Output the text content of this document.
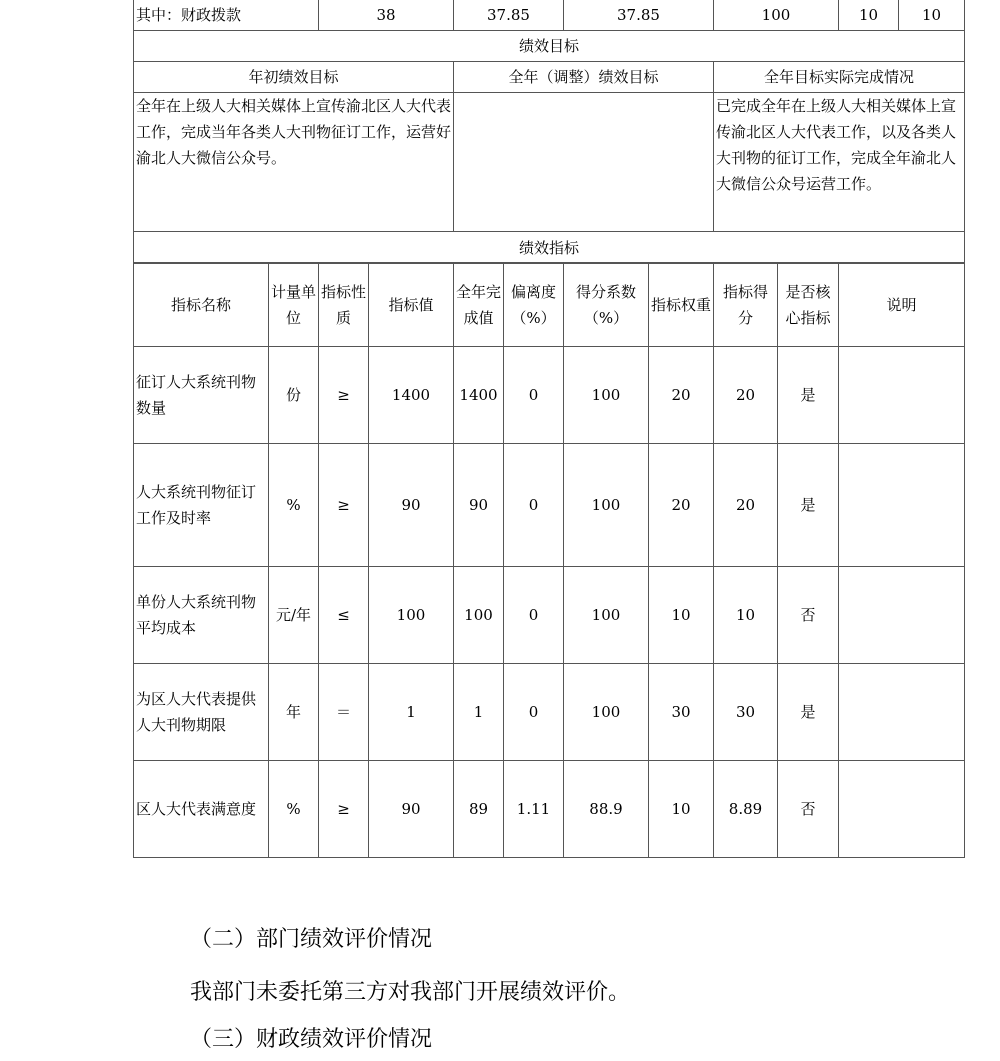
其中：财政拨款	38	37.85	37.85	100	10	10
绩效目标						
年初绩效目标		全年（调整）绩效目标		全年目标实际完成情况		
全年在上级人大相关媒体上宣传渝北区人大代表工作，完成当年各类人大刊物征订工作，运营好渝北人大微信公众号。				已完成全年在上级人大相关媒体上宣传渝北区人大代表工作，以及各类人大刊物的征订工作，完成全年渝北人大微信公众号运营工作。		
绩效指标						
指标名称	计量单位	指标性质	指标值	全年完成值	偏离度（%）	得分系数（%）	指标权重	指标得分	是否核心指标	说明
征订人大系统刊物数量	份	≥	1400	1400	0	100	20	20	是	
人大系统刊物征订工作及时率	%	≥	90	90	0	100	20	20	是	
单份人大系统刊物平均成本	元/年	≤	100	100	0	100	10	10	否	
为区人大代表提供人大刊物期限	年	＝	1	1	0	100	30	30	是	
区人大代表满意度	%	≥	90	89	1.11	88.9	10	8.89	否	
（二）部门绩效评价情况
我部门未委托第三方对我部门开展绩效评价。
（三）财政绩效评价情况
